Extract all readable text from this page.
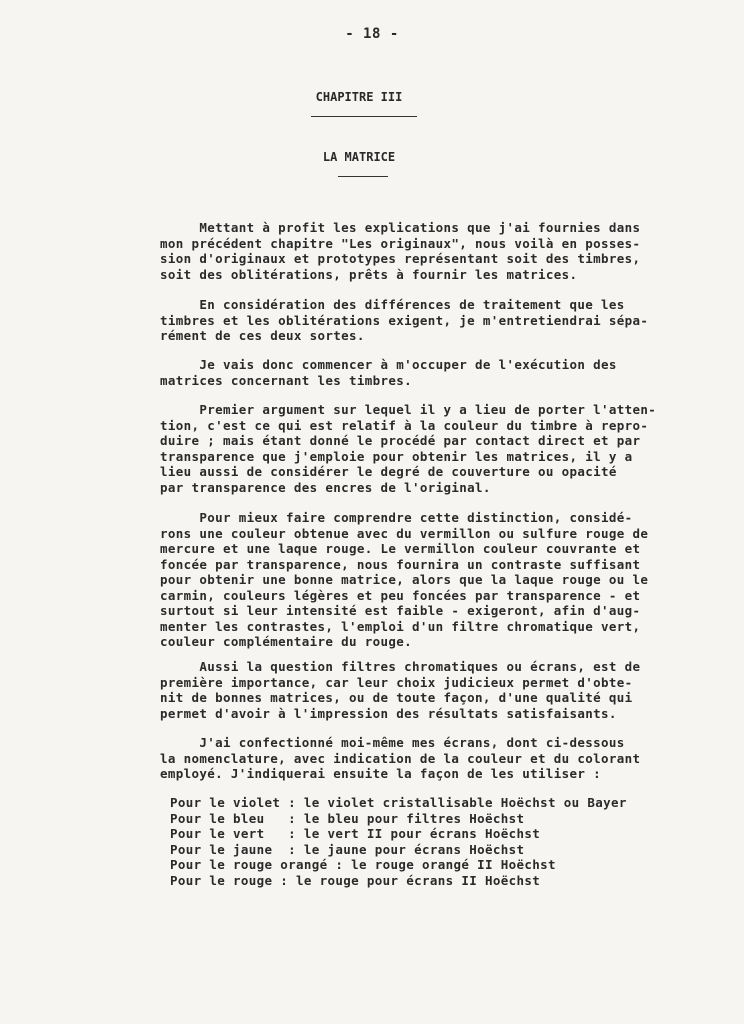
- 18 -
CHAPITRE III
LA MATRICE
Mettant à profit les explications que j'ai fournies dans
mon précédent chapitre "Les originaux", nous voilà en posses-
sion d'originaux et prototypes représentant soit des timbres,
soit des oblitérations, prêts à fournir les matrices.
En considération des différences de traitement que les
timbres et les oblitérations exigent, je m'entretiendrai sépa-
rément de ces deux sortes.
Je vais donc commencer à m'occuper de l'exécution des
matrices concernant les timbres.
Premier argument sur lequel il y a lieu de porter l'atten-
tion, c'est ce qui est relatif à la couleur du timbre à repro-
duire ; mais étant donné le procédé par contact direct et par
transparence que j'emploie pour obtenir les matrices, il y a
lieu aussi de considérer le degré de couverture ou opacité
par transparence des encres de l'original.
Pour mieux faire comprendre cette distinction, considé-
rons une couleur obtenue avec du vermillon ou sulfure rouge de
mercure et une laque rouge. Le vermillon couleur couvrante et
foncée par transparence, nous fournira un contraste suffisant
pour obtenir une bonne matrice, alors que la laque rouge ou le
carmin, couleurs légères et peu foncées par transparence - et
surtout si leur intensité est faible - exigeront, afin d'aug-
menter les contrastes, l'emploi d'un filtre chromatique vert,
couleur complémentaire du rouge.
Aussi la question filtres chromatiques ou écrans, est de
première importance, car leur choix judicieux permet d'obte-
nit de bonnes matrices, ou de toute façon, d'une qualité qui
permet d'avoir à l'impression des résultats satisfaisants.
J'ai confectionné moi-même mes écrans, dont ci-dessous
la nomenclature, avec indication de la couleur et du colorant
employé. J'indiquerai ensuite la façon de les utiliser :
Pour le violet : le violet cristallisable Hoëchst ou Bayer
Pour le bleu   : le bleu pour filtres Hoëchst
Pour le vert   : le vert II pour écrans Hoëchst
Pour le jaune  : le jaune pour écrans Hoëchst
Pour le rouge orangé : le rouge orangé II Hoëchst
Pour le rouge : le rouge pour écrans II Hoëchst
